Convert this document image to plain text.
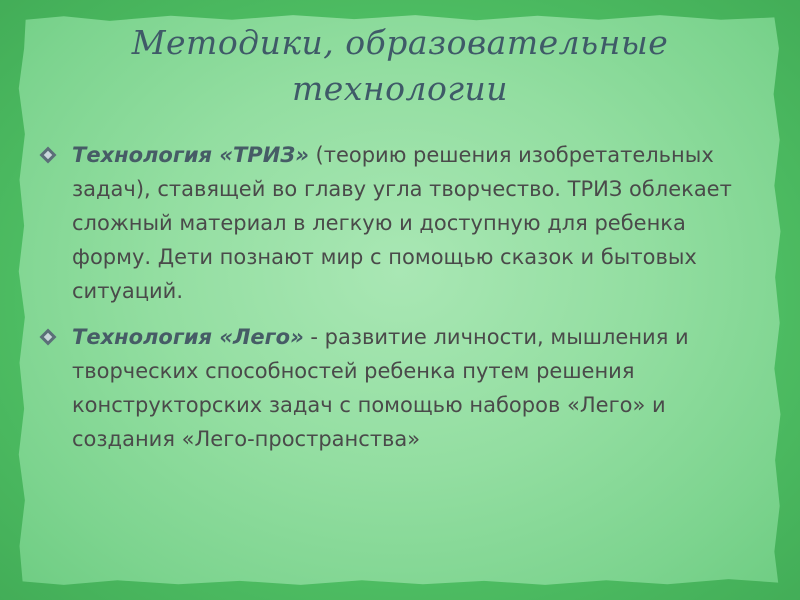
Методики, образовательные технологии
Технология «ТРИЗ» (теорию решения изобретательных задач), ставящей во главу угла творчество. ТРИЗ облекает сложный материал в легкую и доступную для ребенка форму. Дети познают мир с помощью сказок и бытовых ситуаций.
Технология «Лего» - развитие личности, мышления и творческих способностей ребенка путем решения конструкторских задач с помощью наборов «Лего» и создания «Лего-пространства»
